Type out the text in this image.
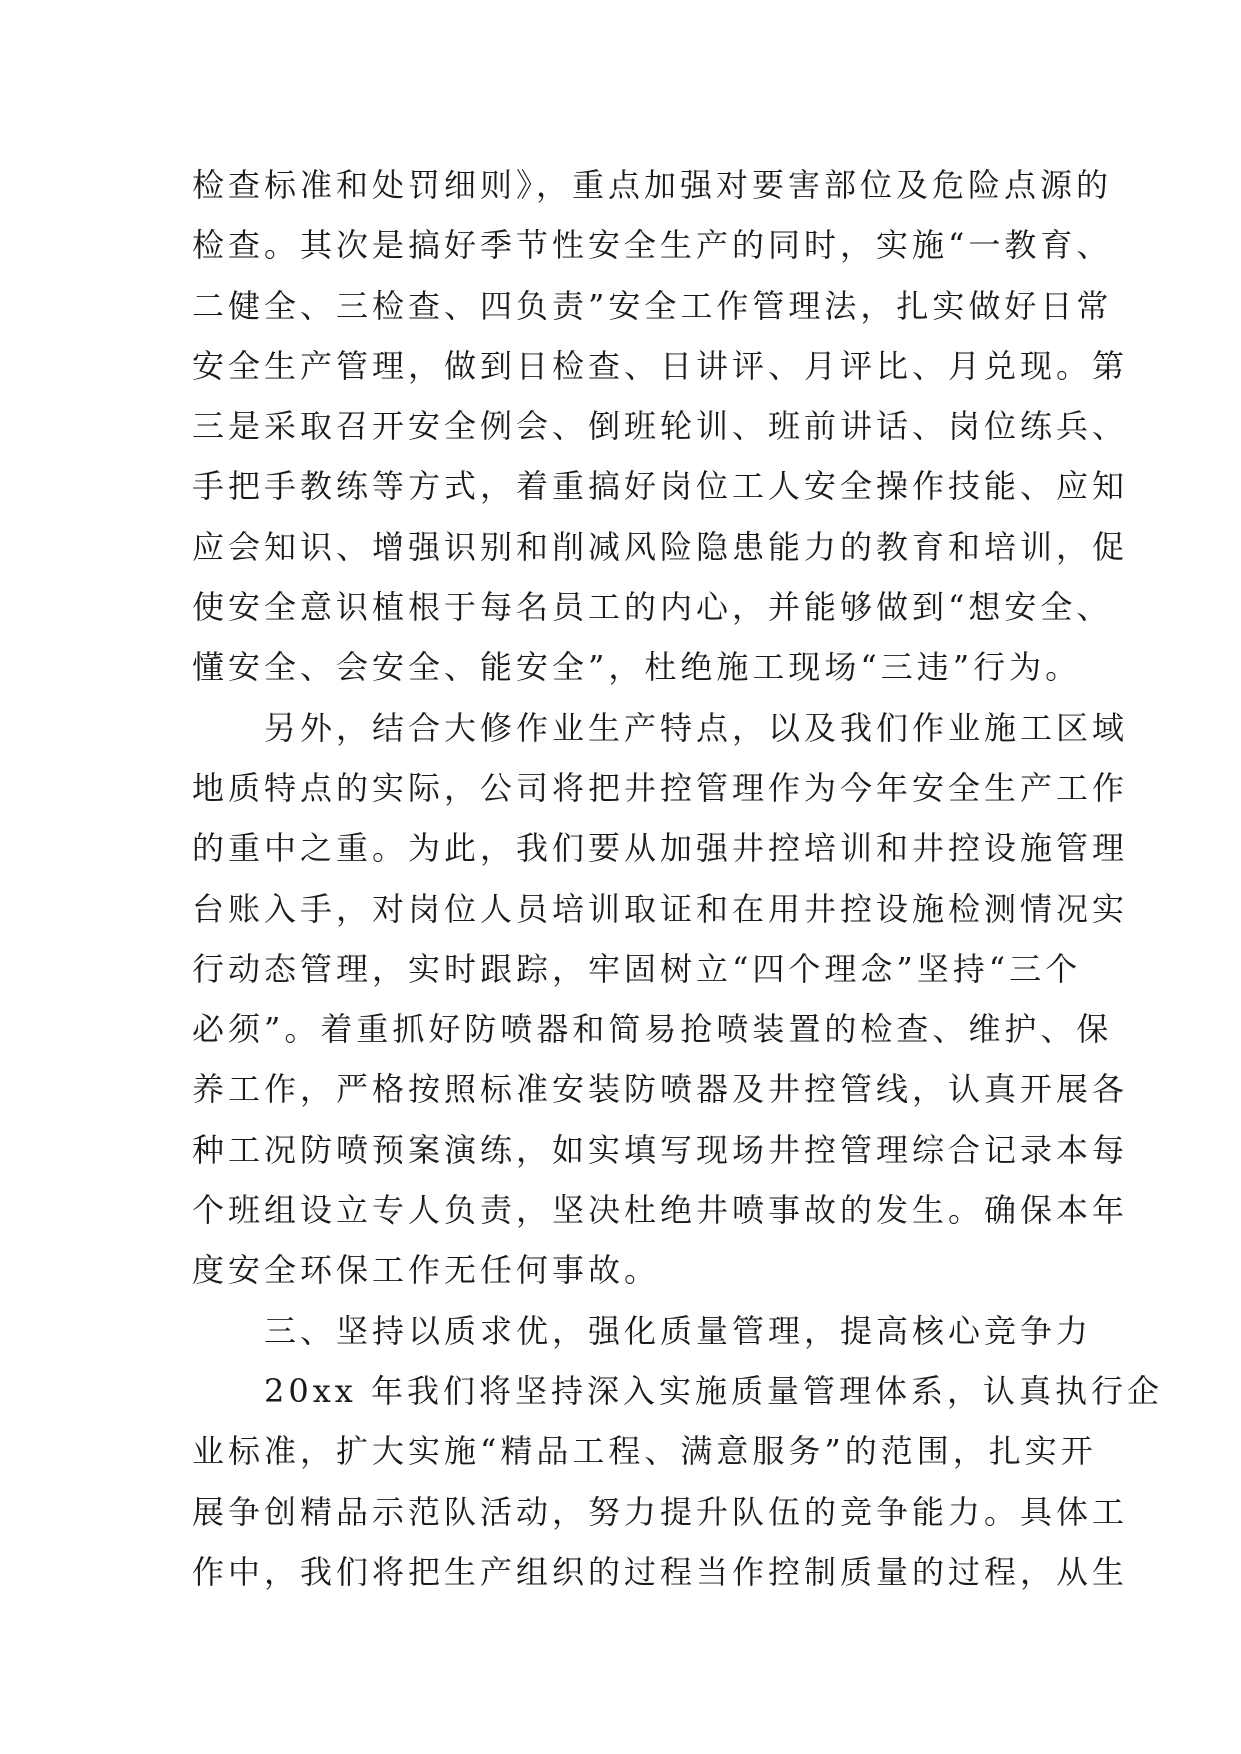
检查标准和处罚细则》，重点加强对要害部位及危险点源的
检查。其次是搞好季节性安全生产的同时，实施“一教育、
二健全、三检查、四负责”安全工作管理法，扎实做好日常
安全生产管理，做到日检查、日讲评、月评比、月兑现。第
三是采取召开安全例会、倒班轮训、班前讲话、岗位练兵、
手把手教练等方式，着重搞好岗位工人安全操作技能、应知
应会知识、增强识别和削减风险隐患能力的教育和培训，促
使安全意识植根于每名员工的内心，并能够做到“想安全、
懂安全、会安全、能安全”，杜绝施工现场“三违”行为。
另外，结合大修作业生产特点，以及我们作业施工区域
地质特点的实际，公司将把井控管理作为今年安全生产工作
的重中之重。为此，我们要从加强井控培训和井控设施管理
台账入手，对岗位人员培训取证和在用井控设施检测情况实
行动态管理，实时跟踪，牢固树立“四个理念”坚持“三个
必须”。着重抓好防喷器和简易抢喷装置的检查、维护、保
养工作，严格按照标准安装防喷器及井控管线，认真开展各
种工况防喷预案演练，如实填写现场井控管理综合记录本每
个班组设立专人负责，坚决杜绝井喷事故的发生。确保本年
度安全环保工作无任何事故。
三、坚持以质求优，强化质量管理，提高核心竞争力
20xx 年我们将坚持深入实施质量管理体系，认真执行企
业标准，扩大实施“精品工程、满意服务”的范围，扎实开
展争创精品示范队活动，努力提升队伍的竞争能力。具体工
作中，我们将把生产组织的过程当作控制质量的过程，从生
